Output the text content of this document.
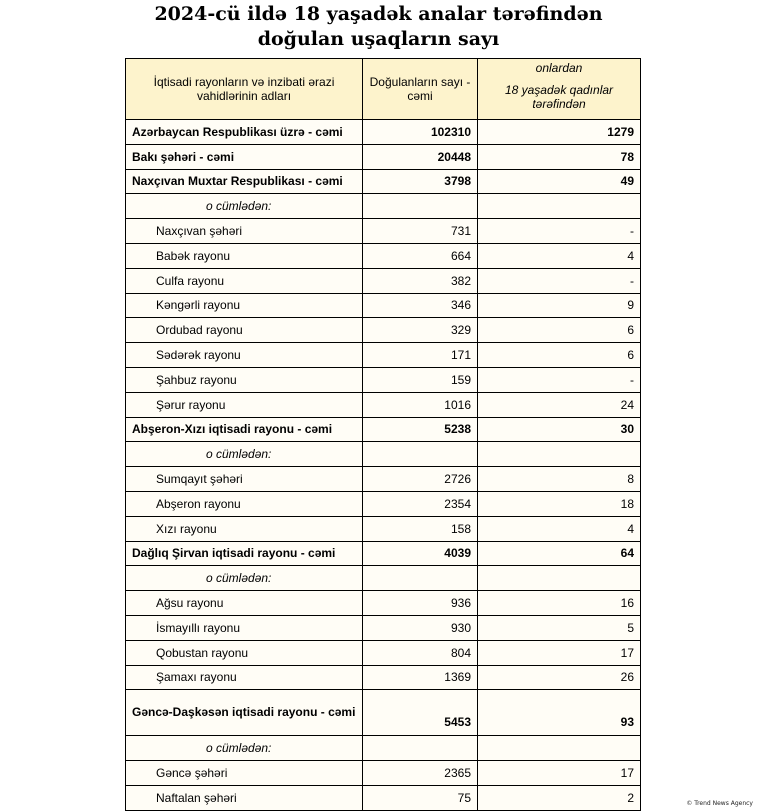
2024-cü ildə 18 yaşadək analar tərəfindən
doğulan uşaqların sayı
İqtisadi rayonların və inzibati ərazi vahidlərinin adları	Doğulanların sayı - cəmi	onlardan
18 yaşadək qadınlar tərəfindən

Azərbaycan Respublikası üzrə - cəmi	102310	1279
Bakı şəhəri - cəmi	20448	78
Naxçıvan Muxtar Respublikası - cəmi	3798	49
o cümlədən:		
Naxçıvan şəhəri	731	-
Babək rayonu	664	4
Culfa rayonu	382	-
Kəngərli rayonu	346	9
Ordubad rayonu	329	6
Sədərək rayonu	171	6
Şahbuz rayonu	159	-
Şərur rayonu	1016	24
Abşeron-Xızı iqtisadi rayonu - cəmi	5238	30
o cümlədən:		
Sumqayıt şəhəri	2726	8
Abşeron rayonu	2354	18
Xızı rayonu	158	4
Dağlıq Şirvan iqtisadi rayonu - cəmi	4039	64
o cümlədən:		
Ağsu rayonu	936	16
İsmayıllı rayonu	930	5
Qobustan rayonu	804	17
Şamaxı rayonu	1369	26
Gəncə-Daşkəsən iqtisadi rayonu - cəmi	5453	93
o cümlədən:		
Gəncə şəhəri	2365	17
Naftalan şəhəri	75	2	© Trend News Agency
